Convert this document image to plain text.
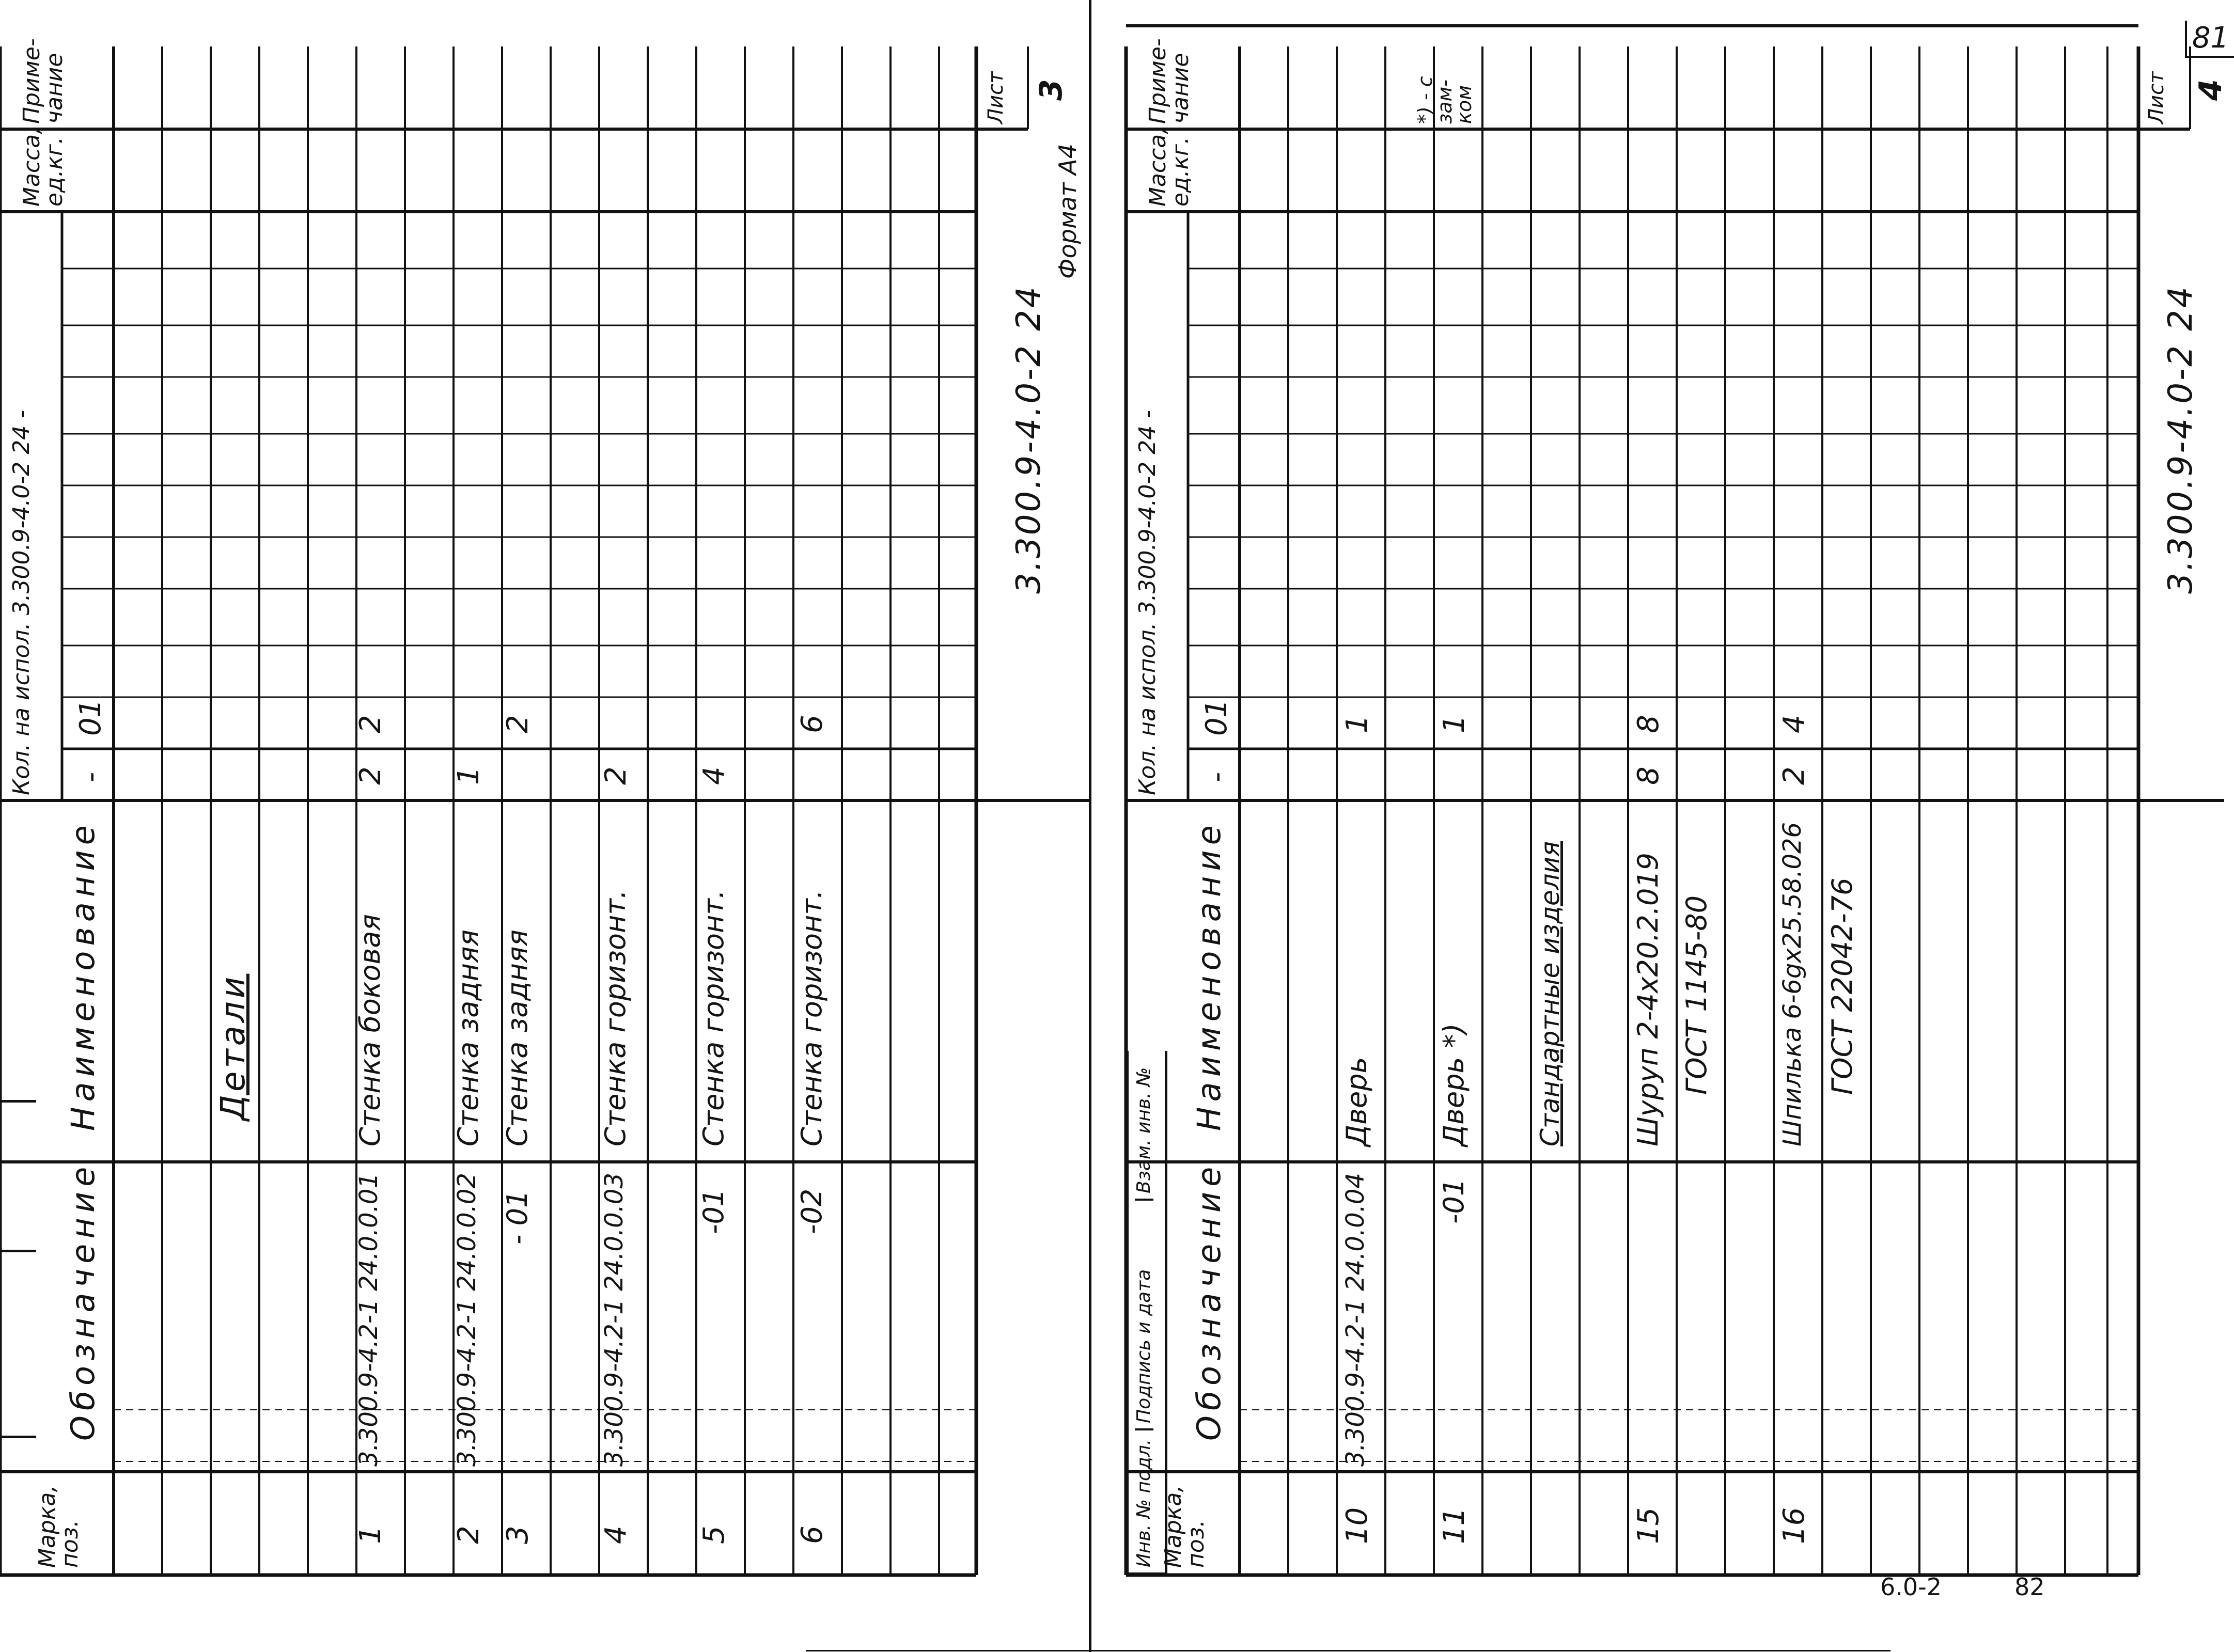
Марка, поз.
Обозначение
Наименование
Кол. на испол. 3.300.9-4.0-2 24 - -
01
Масса, ед.кг.
Приме- чание
Детали
1
3.300.9-4.2-1 24.0.0.01
Стенка боковая
2
2
2
3.300.9-4.2-1 24.0.0.02
Стенка задняя
1
3
- 01
Стенка задняя
2
4
3.300.9-4.2-1 24.0.0.03
Стенка горизонт.
2
5
-01
Стенка горизонт.
4
6
-02
Стенка горизонт.
6
3.300.9-4.0-2 24
Лист 3
Формат А4
Марка, поз.
Обозначение
Наименование
Кол. на испол. 3.300.9-4.0-2 24 - -
01
Масса, ед.кг.
Приме- чание
10
3.300.9-4.2-1 24.0.0.04
Дверь
1
11
-01
Дверь *)
1
*) - с зам- ком
Стандартные изделия
15
Шуруп 2-4х20.2.019
8
8
ГОСТ 1145-80
16
Шпилька 6-6gх25.58.026
2
4
ГОСТ 22042-76
3.300.9-4.0-2 24
Лист 4
Инв. № подл.
Подпись и дата
Взам. инв. №
81
6.0-2	82
